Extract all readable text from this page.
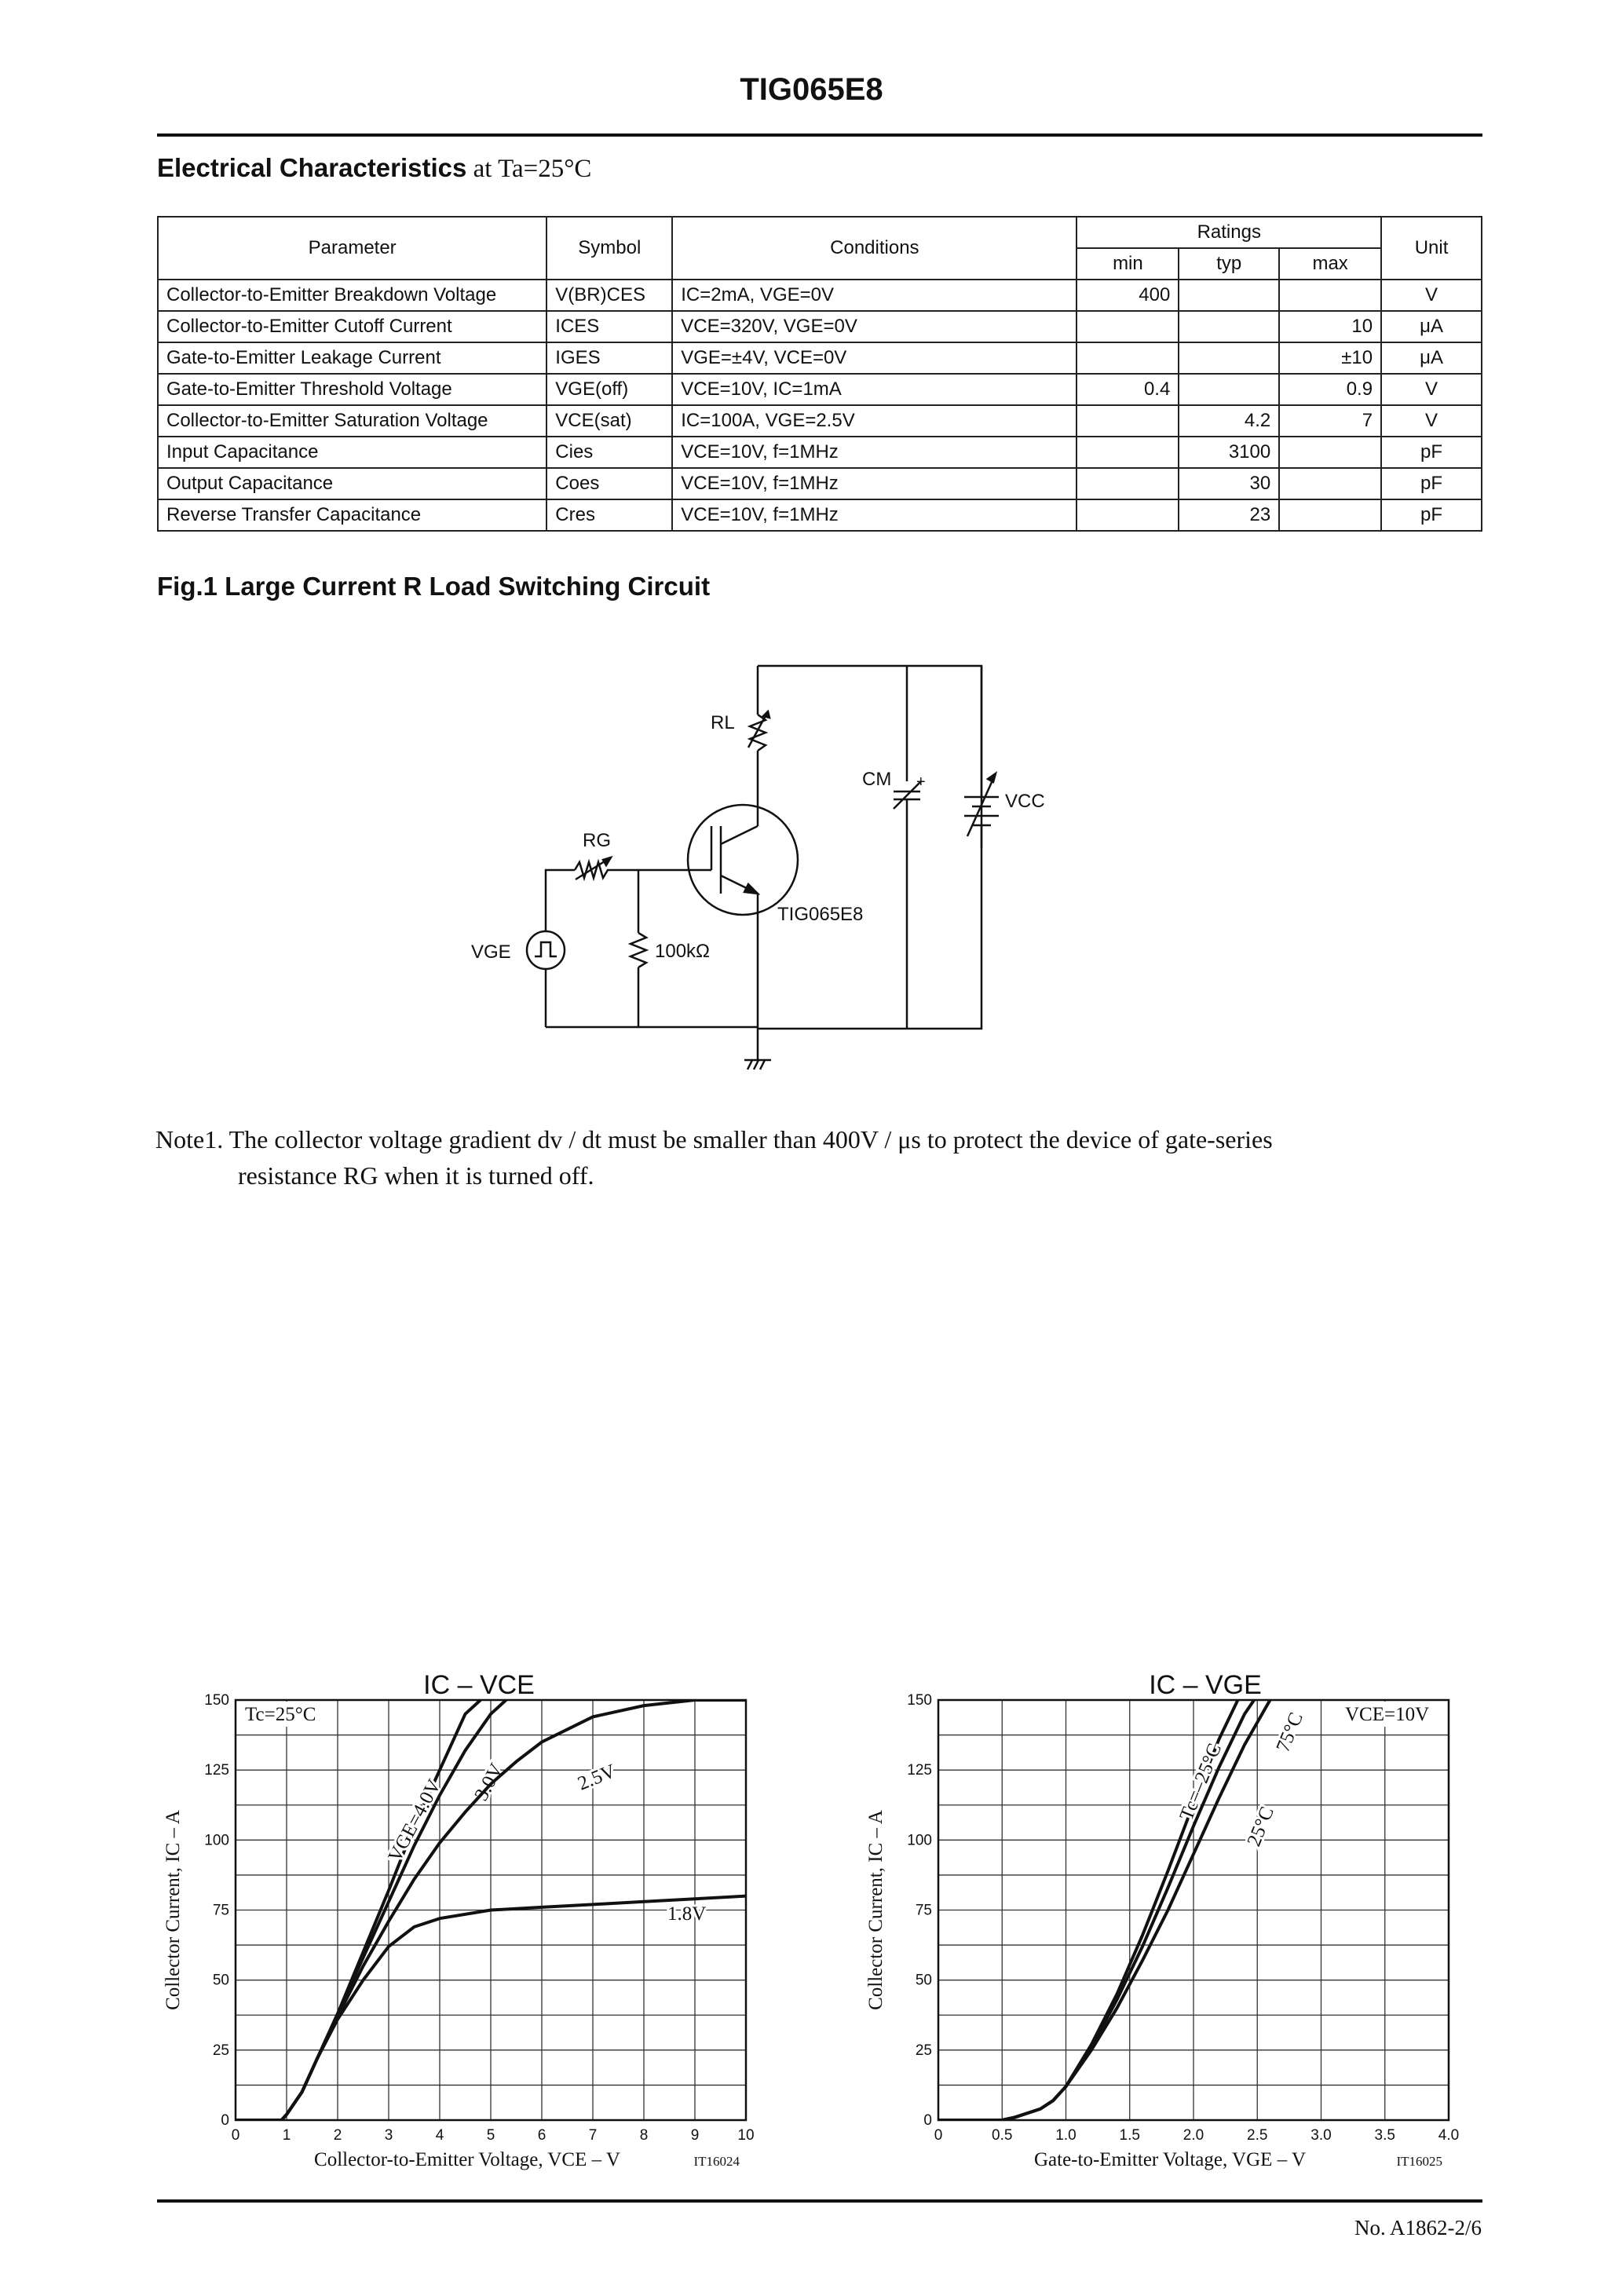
TIG065E8
Electrical Characteristics at Ta=25°C
Parameter	Symbol	Conditions	Ratings			Unit
			min	typ	max	
Collector-to-Emitter Breakdown Voltage	V(BR)CES	IC=2mA, VGE=0V	400			V
Collector-to-Emitter Cutoff Current	ICES	VCE=320V, VGE=0V			10	μA
Gate-to-Emitter Leakage Current	IGES	VGE=±4V, VCE=0V			±10	μA
Gate-to-Emitter Threshold Voltage	VGE(off)	VCE=10V, IC=1mA	0.4		0.9	V
Collector-to-Emitter Saturation Voltage	VCE(sat)	IC=100A, VGE=2.5V		4.2	7	V
Input Capacitance	Cies	VCE=10V, f=1MHz		3100		pF
Output Capacitance	Coes	VCE=10V, f=1MHz		30		pF
Reverse Transfer Capacitance	Cres	VCE=10V, f=1MHz		23		pF
Fig.1 Large Current R Load Switching Circuit
RL
RG
CM +
VCC
VGE	100kΩ
TIG065E8
Note1. The collector voltage gradient dv / dt must be smaller than 400V / μs to protect the device of gate-series
resistance RG when it is turned off.
0	1	2	3	4	5	6	7	8	9	10
0
25
50
75
100
125
150
IC – VCE
Collector-to-Emitter Voltage, VCE – V
Collector Current, IC – A
IT16024
Tc=25°C
VGE=4.0V 3.0V	2.5V
1.8V
0	0.5	1.0	1.5	2.0	2.5	3.0	3.5	4.0
0
25
50
75
100
125
150
IC – VGE
Gate-to-Emitter Voltage, VGE – V
Collector Current, IC – A
IT16025
VCE=10V
Tc=–25°C
25°C
75°C
No. A1862-2/6
